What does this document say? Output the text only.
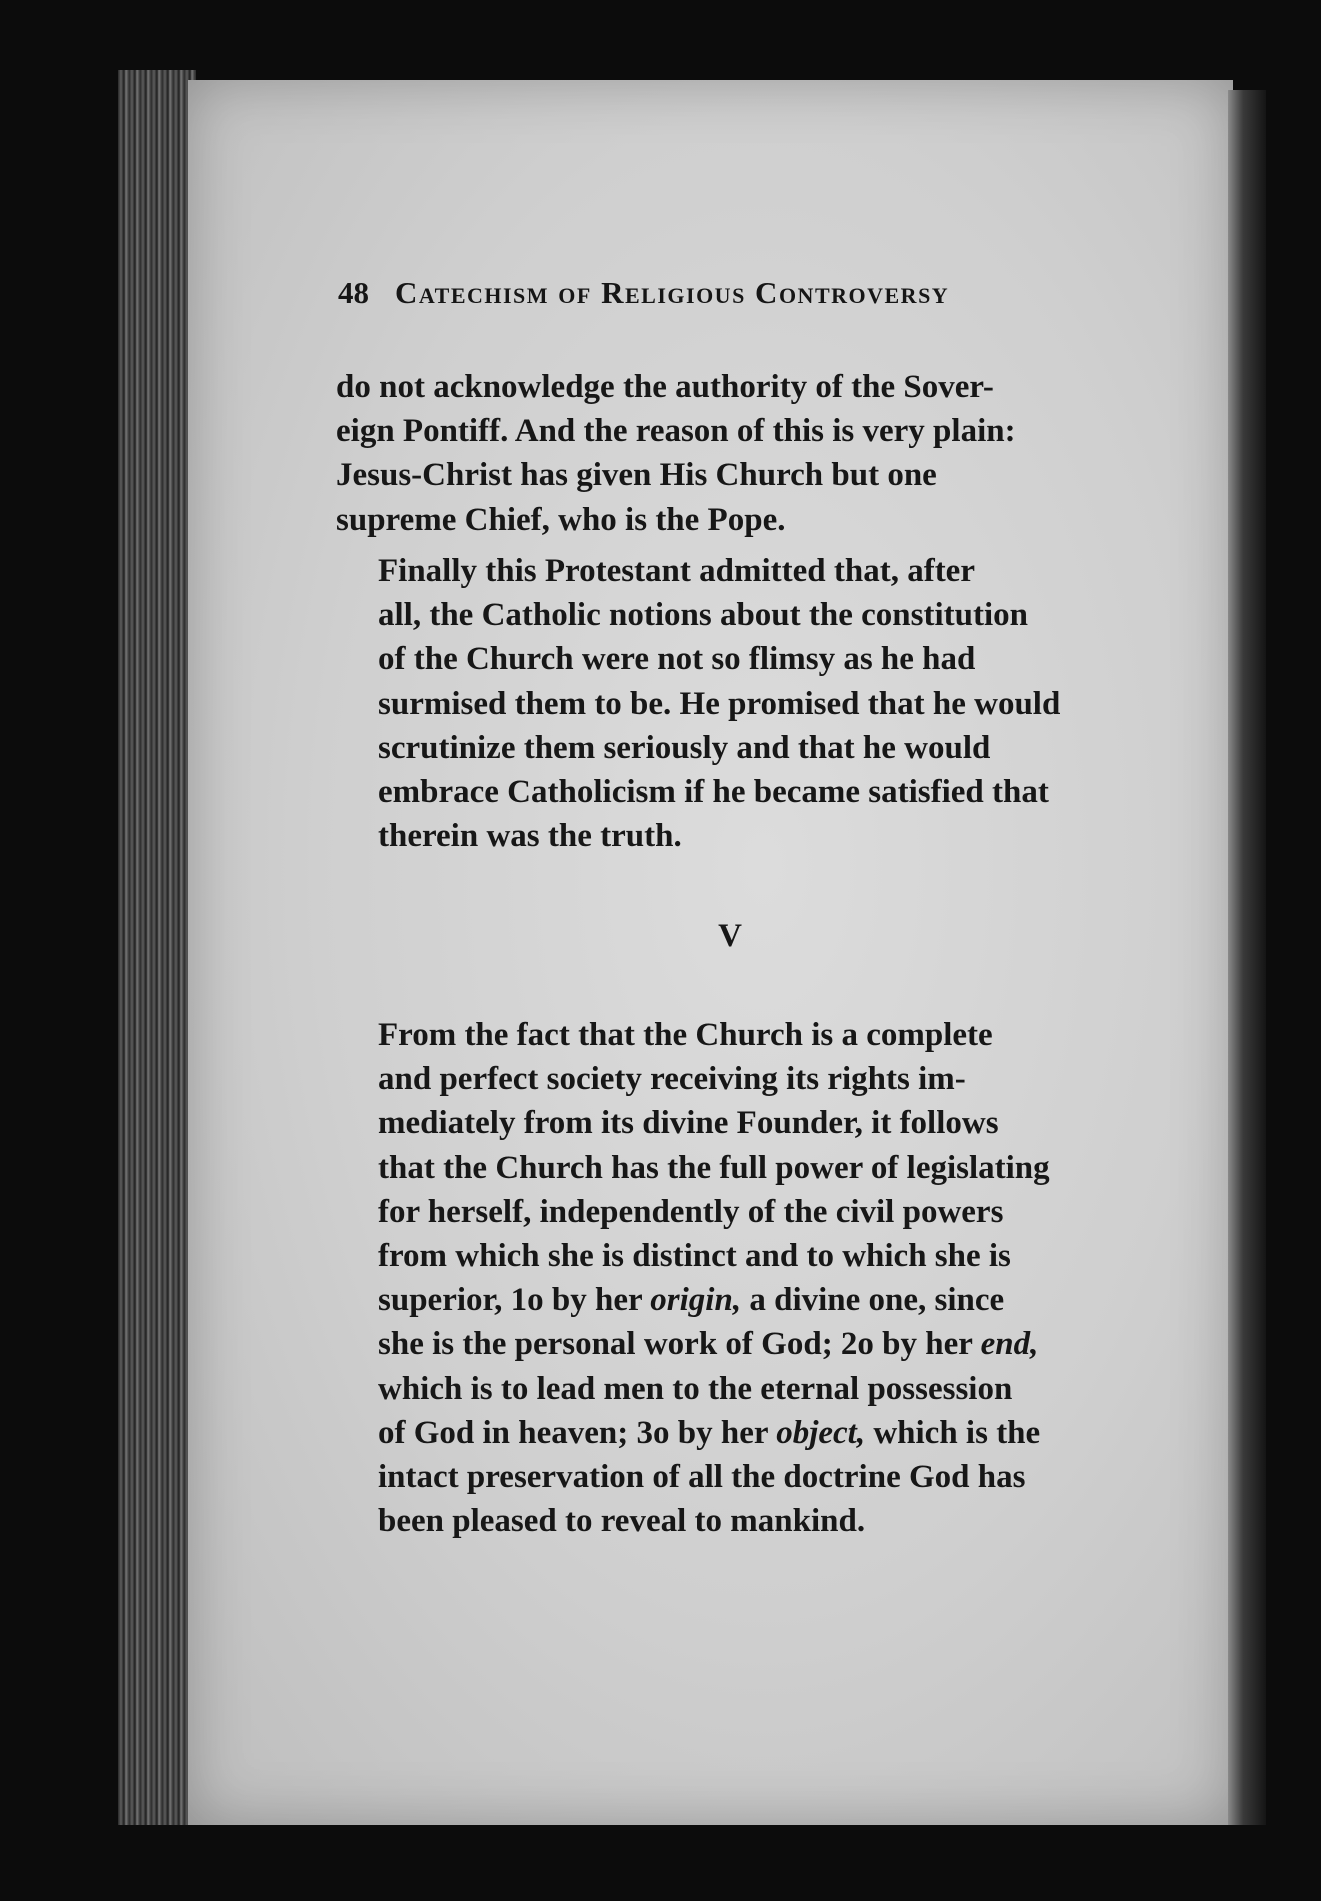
48 Catechism of Religious Controversy

do not acknowledge the authority of the Sover-
eign Pontiff. And the reason of this is very plain:
Jesus-Christ has given His Church but one
supreme Chief, who is the Pope.

Finally this Protestant admitted that, after
all, the Catholic notions about the constitution
of the Church were not so flimsy as he had
surmised them to be. He promised that he would
scrutinize them seriously and that he would
embrace Catholicism if he became satisfied that
therein was the truth.

V

From the fact that the Church is a complete
and perfect society receiving its rights im-
mediately from its divine Founder, it follows
that the Church has the full power of legislating
for herself, independently of the civil powers
from which she is distinct and to which she is
superior, 1o by her origin, a divine one, since
she is the personal work of God; 2o by her end,
which is to lead men to the eternal possession
of God in heaven; 3o by her object, which is the
intact preservation of all the doctrine God has
been pleased to reveal to mankind.
